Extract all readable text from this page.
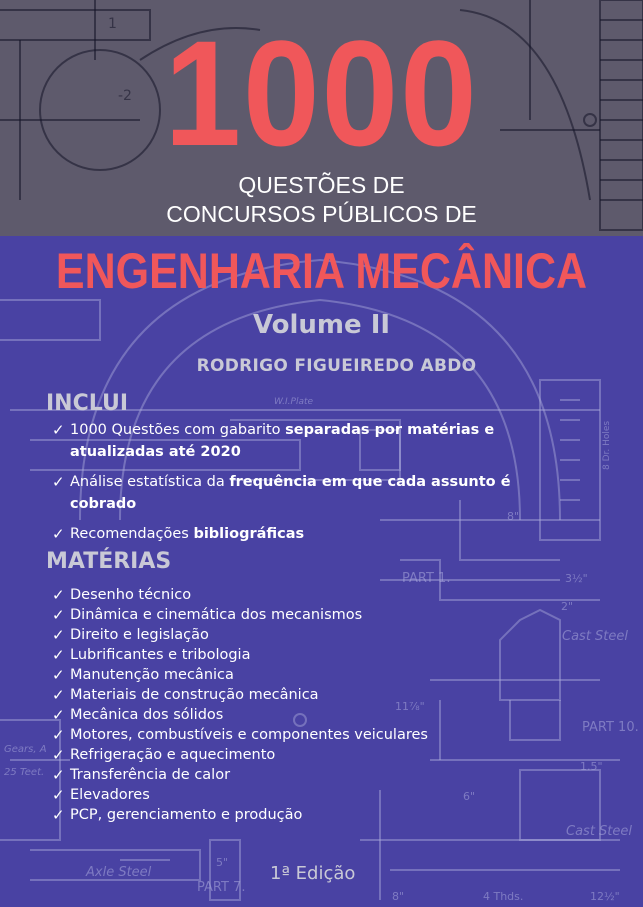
PART 1.
PART 7.
PART 10.
Cast Steel
Cast Steel
Axle Steel
W.I.Plate
8 Dr. Holes
4 Thds.
2"
1.5"
5"
6"
8"
8"
3½"
11⅞"
12½"
Gears, A
25 Teet.
-2
1 1000
QUESTÕES DE
CONCURSOS PÚBLICOS DE
ENGENHARIA MECÂNICA
Volume II
RODRIGO FIGUEIREDO ABDO
INCLUI
✓ 1000 Questões com gabarito separadas por matérias e atualizadas até 2020
✓ Análise estatística da frequência em que cada assunto é cobrado
✓ Recomendações bibliográficas
MATÉRIAS
✓ Desenho técnico
✓ Dinâmica e cinemática dos mecanismos
✓ Direito e legislação
✓ Lubrificantes e tribologia
✓ Manutenção mecânica
✓ Materiais de construção mecânica
✓ Mecânica dos sólidos
✓ Motores, combustíveis e componentes veiculares
✓ Refrigeração e aquecimento
✓ Transferência de calor
✓ Elevadores
✓ PCP, gerenciamento e produção
1ª Edição
